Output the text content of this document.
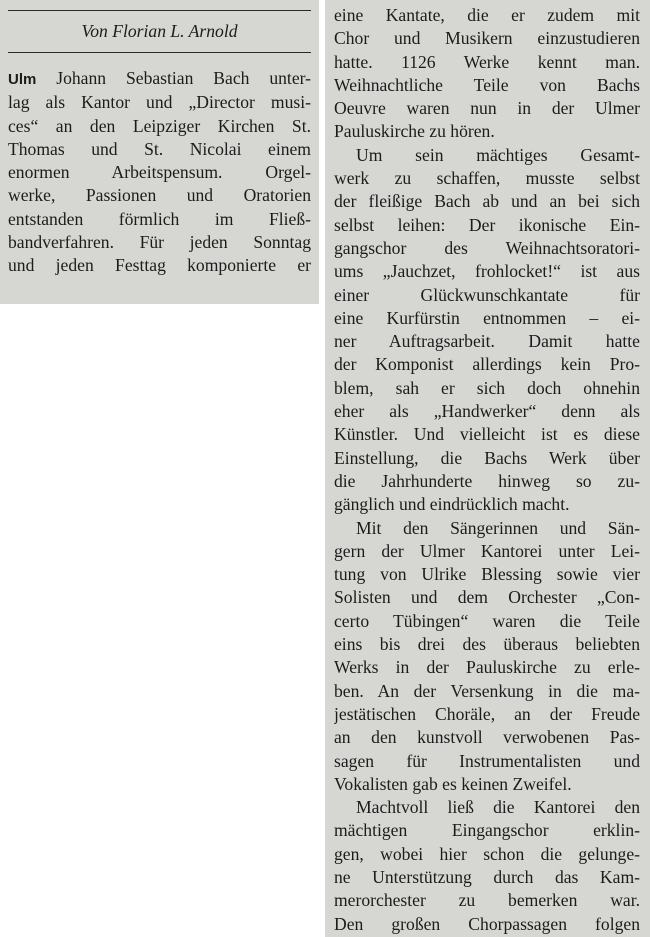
Von Florian L. Arnold
Ulm Johann Sebastian Bach unter-
lag als Kantor und „Director musi-
ces“ an den Leipziger Kirchen St.
Thomas und St. Nicolai einem
enormen Arbeitspensum. Orgel-
werke, Passionen und Oratorien
entstanden förmlich im Fließ-
bandverfahren. Für jeden Sonntag
und jeden Festtag komponierte er
eine Kantate, die er zudem mit
Chor und Musikern einzustudieren
hatte. 1126 Werke kennt man.
Weihnachtliche Teile von Bachs
Oeuvre waren nun in der Ulmer
Pauluskirche zu hören.
Um sein mächtiges Gesamt-
werk zu schaffen, musste selbst
der fleißige Bach ab und an bei sich
selbst leihen: Der ikonische Ein-
gangschor des Weihnachtsoratori-
ums „Jauchzet, frohlocket!“ ist aus
einer Glückwunschkantate für
eine Kurfürstin entnommen – ei-
ner Auftragsarbeit. Damit hatte
der Komponist allerdings kein Pro-
blem, sah er sich doch ohnehin
eher als „Handwerker“ denn als
Künstler. Und vielleicht ist es diese
Einstellung, die Bachs Werk über
die Jahrhunderte hinweg so zu-
gänglich und eindrücklich macht.
Mit den Sängerinnen und Sän-
gern der Ulmer Kantorei unter Lei-
tung von Ulrike Blessing sowie vier
Solisten und dem Orchester „Con-
certo Tübingen“ waren die Teile
eins bis drei des überaus beliebten
Werks in der Pauluskirche zu erle-
ben. An der Versenkung in die ma-
jestätischen Choräle, an der Freude
an den kunstvoll verwobenen Pas-
sagen für Instrumentalisten und
Vokalisten gab es keinen Zweifel.
Machtvoll ließ die Kantorei den
mächtigen Eingangschor erklin-
gen, wobei hier schon die gelunge-
ne Unterstützung durch das Kam-
merorchester zu bemerken war.
Den großen Chorpassagen folgen
